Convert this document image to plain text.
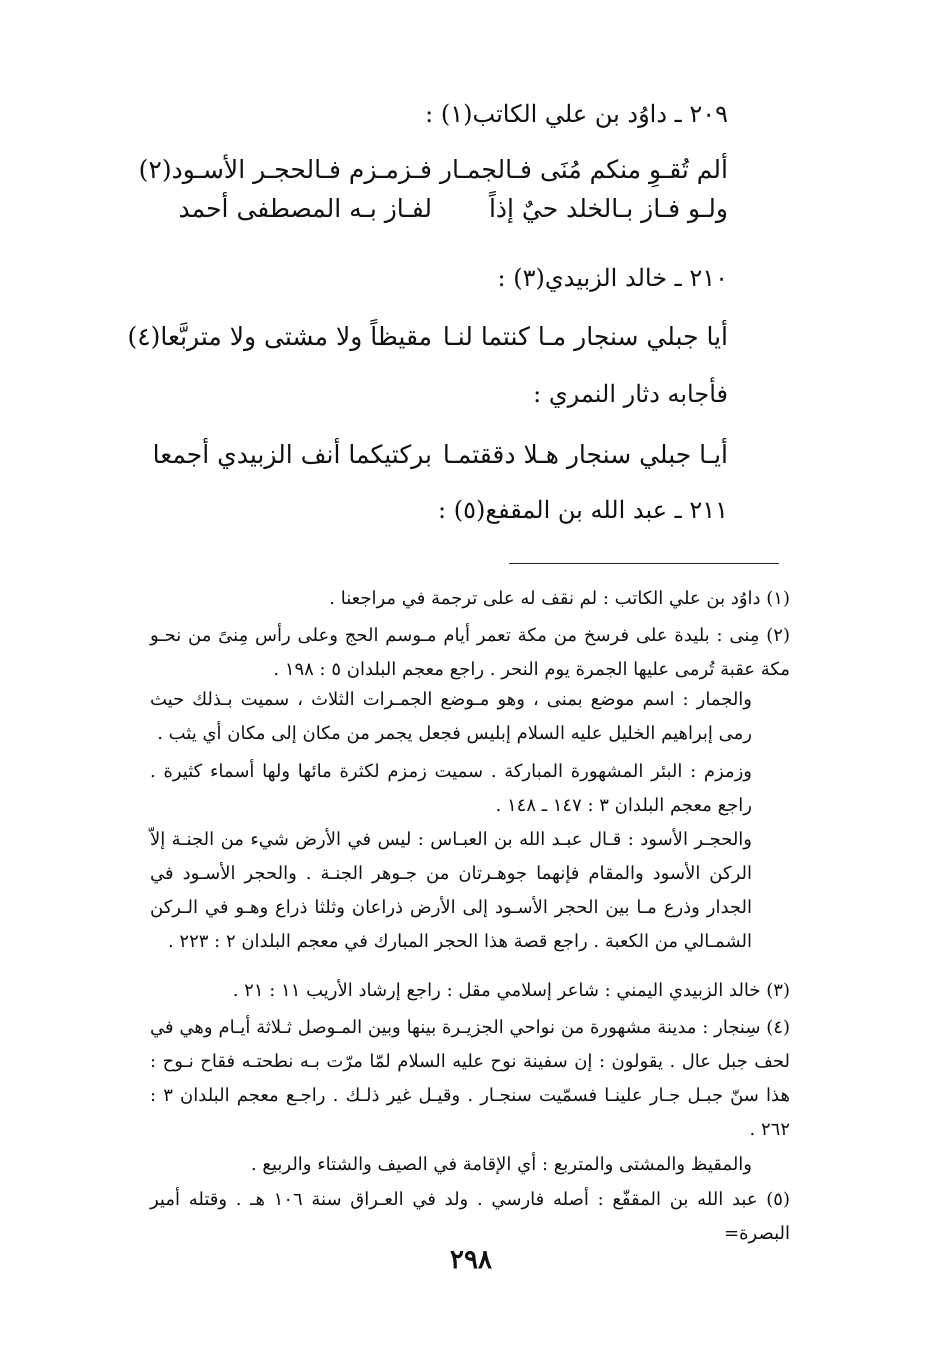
٢٠٩ ـ داوُد بن علي الكاتب(١) :
ألم تُقـوِ منكم مُنَى فـالجمـار
فـزمـزم فـالحجـر الأسـود(٢)
ولـو فـاز بـالخلد حيٌ إذاً
لفـاز بـه المصطفى أحمد
٢١٠ ـ خالد الزبيدي(٣) :
أيا جبلي سنجار مـا كنتما لنـا
مقيظاً ولا مشتى ولا متربَّعا(٤)
فأجابه دثار النمري :
أيـا جبلي سنجار هـلا دققتمـا
بركتيكما أنف الزبيدي أجمعا
٢١١ ـ عبد الله بن المقفع(٥) :
(١) داوُد بن علي الكاتب : لم نقف له على ترجمة في مراجعنا .
(٢) مِنى : بليدة على فرسخ من مكة تعمر أيام مـوسم الحج وعلى رأس مِنىً من نحـو مكة عقبة تُرمى عليها الجمرة يوم النحر . راجع معجم البلدان ٥ : ١٩٨ .
والجمار : اسم موضع بمنى ، وهو مـوضع الجمـرات الثلاث ، سميت بـذلك حيث رمى إبراهيم الخليل عليه السلام إبليس فجعل يجمر من مكان إلى مكان أي يثب .
وزمزم : البئر المشهورة المباركة . سميت زمزم لكثرة مائها ولها أسماء كثيرة . راجع معجم البلدان ٣ : ١٤٧ ـ ١٤٨ .
والحجـر الأسود : قـال عبـد الله بن العبـاس : ليس في الأرض شيء من الجنـة إلاّ الركن الأسود والمقام فإنهما جوهـرتان من جـوهر الجنـة . والحجر الأسـود في الجدار وذرع مـا بين الحجر الأسـود إلى الأرض ذراعان وثلثا ذراع وهـو في الـركن الشمـالي من الكعبة . راجع قصة هذا الحجر المبارك في معجم البلدان ٢ : ٢٢٣ .
(٣) خالد الزبيدي اليمني : شاعر إسلامي مقل : راجع إرشاد الأريب ١١ : ٢١ .
(٤) سِنجار : مدينة مشهورة من نواحي الجزيـرة بينها وبين المـوصل ثـلاثة أيـام وهي في لحف جبل عال . يقولون : إن سفينة نوح عليه السلام لمّا مرّت بـه نطحتـه فقاح نـوح : هذا سنّ جبـل جـار علينـا فسمّيت سنجـار . وقيـل غير ذلـك . راجـع معجم البلدان ٣ : ٢٦٢ .
والمقيظ والمشتى والمتربع : أي الإقامة في الصيف والشتاء والربيع .
(٥) عبد الله بن المقفّع : أصله فارسي . ولد في العـراق سنة ١٠٦ هـ . وقتله أمير البصرة=
٢٩٨
